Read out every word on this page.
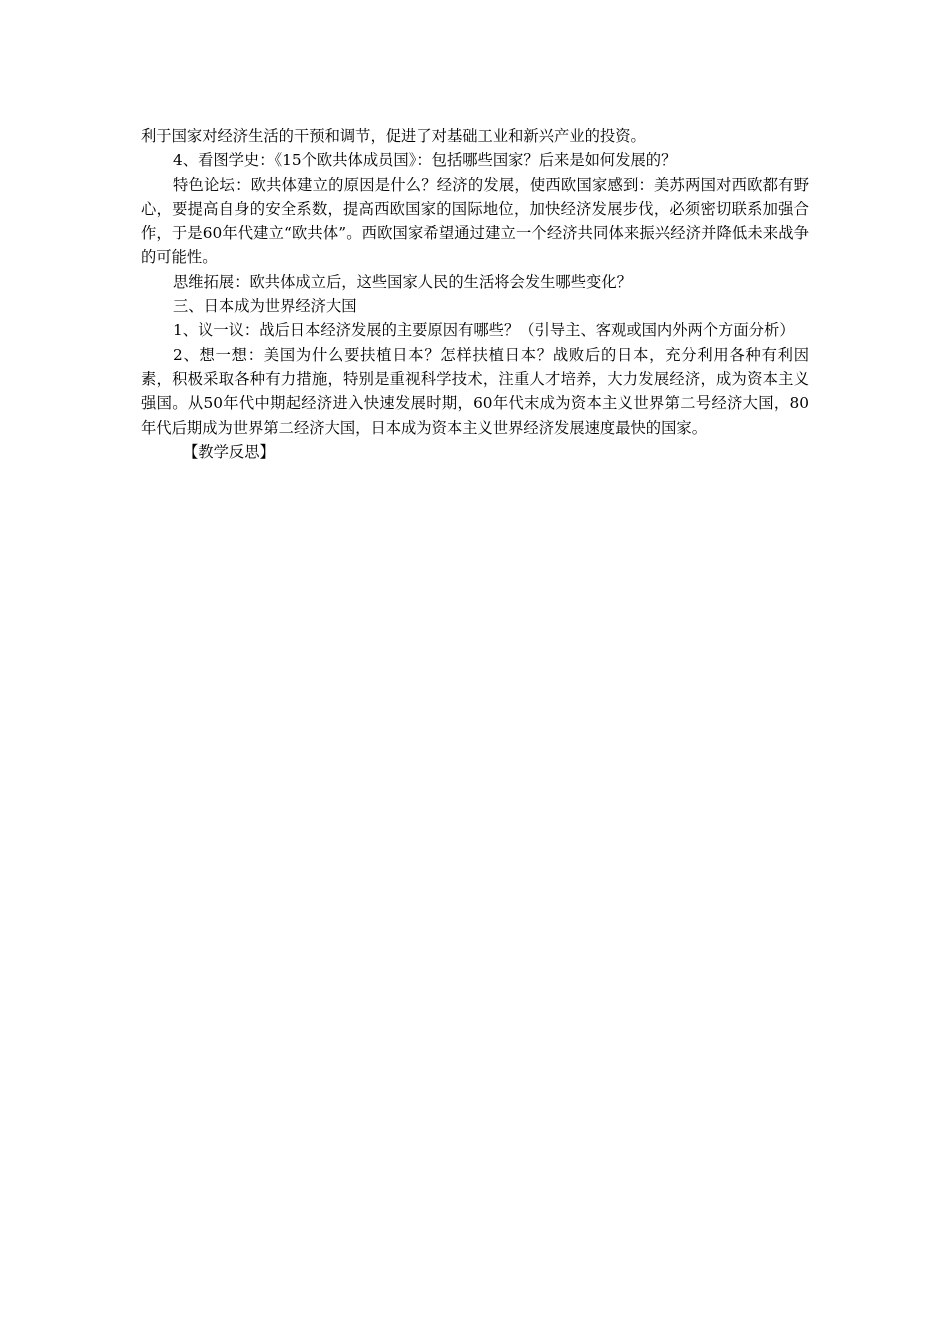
利于国家对经济生活的干预和调节，促进了对基础工业和新兴产业的投资。

4、看图学史：《15个欧共体成员国》：包括哪些国家？后来是如何发展的？

特色论坛：欧共体建立的原因是什么？经济的发展，使西欧国家感到：美苏两国对西欧都有野心，要提高自身的安全系数，提高西欧国家的国际地位，加快经济发展步伐，必须密切联系加强合作，于是60年代建立“欧共体”。西欧国家希望通过建立一个经济共同体来振兴经济并降低未来战争的可能性。

思维拓展：欧共体成立后，这些国家人民的生活将会发生哪些变化？

三、日本成为世界经济大国

1、议一议：战后日本经济发展的主要原因有哪些？（引导主、客观或国内外两个方面分析）

2、想一想：美国为什么要扶植日本？怎样扶植日本？战败后的日本，充分利用各种有利因素，积极采取各种有力措施，特别是重视科学技术，注重人才培养，大力发展经济，成为资本主义强国。从50年代中期起经济进入快速发展时期，60年代末成为资本主义世界第二号经济大国，80年代后期成为世界第二经济大国，日本成为资本主义世界经济发展速度最快的国家。

【教学反思】
